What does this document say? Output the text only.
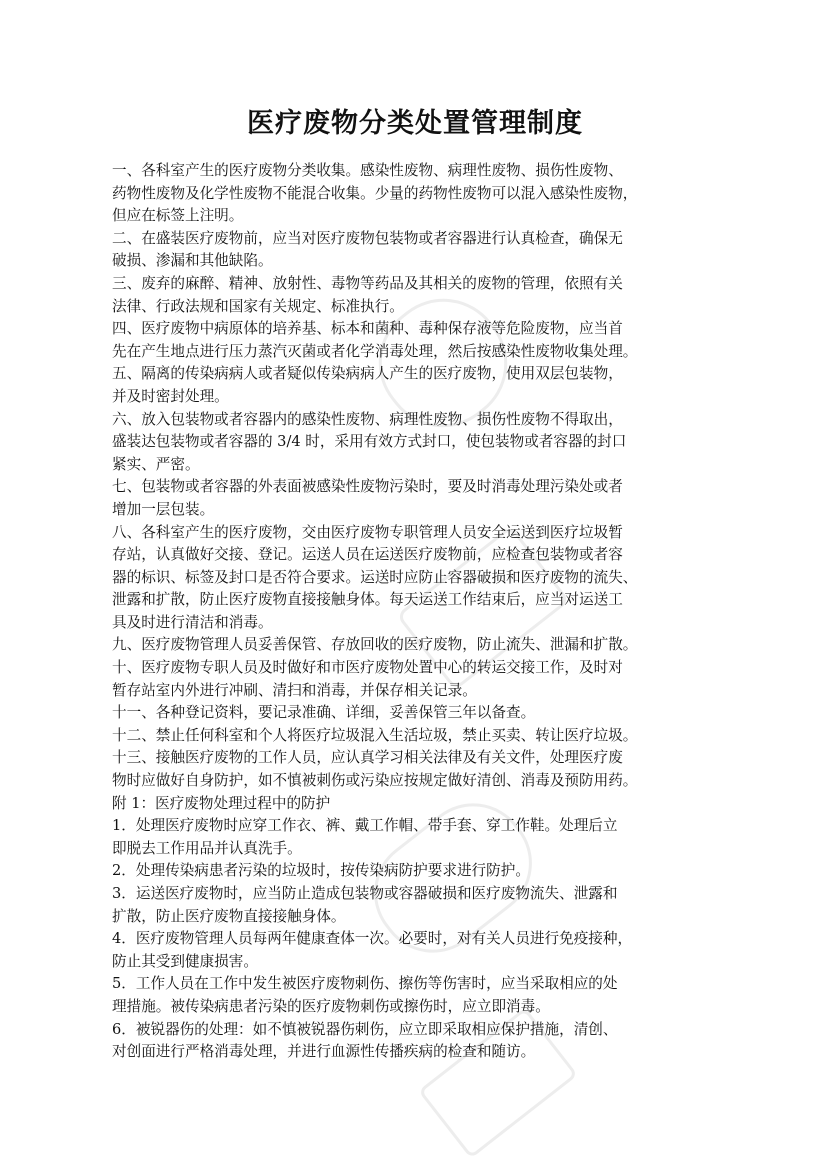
医疗废物分类处置管理制度

一、各科室产生的医疗废物分类收集。感染性废物、病理性废物、损伤性废物、
药物性废物及化学性废物不能混合收集。少量的药物性废物可以混入感染性废物，
但应在标签上注明。

二、在盛装医疗废物前，应当对医疗废物包装物或者容器进行认真检查，确保无
破损、渗漏和其他缺陷。

三、废弃的麻醉、精神、放射性、毒物等药品及其相关的废物的管理，依照有关
法律、行政法规和国家有关规定、标准执行。

四、医疗废物中病原体的培养基、标本和菌种、毒种保存液等危险废物，应当首
先在产生地点进行压力蒸汽灭菌或者化学消毒处理，然后按感染性废物收集处理。

五、隔离的传染病病人或者疑似传染病病人产生的医疗废物，使用双层包装物，
并及时密封处理。

六、放入包装物或者容器内的感染性废物、病理性废物、损伤性废物不得取出，
盛装达包装物或者容器的 3/4 时，采用有效方式封口，使包装物或者容器的封口
紧实、严密。

七、包装物或者容器的外表面被感染性废物污染时，要及时消毒处理污染处或者
增加一层包装。

八、各科室产生的医疗废物，交由医疗废物专职管理人员安全运送到医疗垃圾暂
存站，认真做好交接、登记。运送人员在运送医疗废物前，应检查包装物或者容
器的标识、标签及封口是否符合要求。运送时应防止容器破损和医疗废物的流失、
泄露和扩散，防止医疗废物直接接触身体。每天运送工作结束后，应当对运送工
具及时进行清洁和消毒。

九、医疗废物管理人员妥善保管、存放回收的医疗废物，防止流失、泄漏和扩散。

十、医疗废物专职人员及时做好和市医疗废物处置中心的转运交接工作，及时对
暂存站室内外进行冲刷、清扫和消毒，并保存相关记录。

十一、各种登记资料，要记录准确、详细，妥善保管三年以备查。

十二、禁止任何科室和个人将医疗垃圾混入生活垃圾，禁止买卖、转让医疗垃圾。

十三、接触医疗废物的工作人员，应认真学习相关法律及有关文件，处理医疗废
物时应做好自身防护，如不慎被刺伤或污染应按规定做好清创、消毒及预防用药。

附 1：医疗废物处理过程中的防护

1．处理医疗废物时应穿工作衣、裤、戴工作帽、带手套、穿工作鞋。处理后立
即脱去工作用品并认真洗手。

2．处理传染病患者污染的垃圾时，按传染病防护要求进行防护。

3．运送医疗废物时，应当防止造成包装物或容器破损和医疗废物流失、泄露和
扩散，防止医疗废物直接接触身体。

4．医疗废物管理人员每两年健康查体一次。必要时，对有关人员进行免疫接种，
防止其受到健康损害。

5．工作人员在工作中发生被医疗废物刺伤、擦伤等伤害时，应当采取相应的处
理措施。被传染病患者污染的医疗废物刺伤或擦伤时，应立即消毒。

6．被锐器伤的处理：如不慎被锐器伤刺伤，应立即采取相应保护措施，清创、
对创面进行严格消毒处理，并进行血源性传播疾病的检查和随访。
